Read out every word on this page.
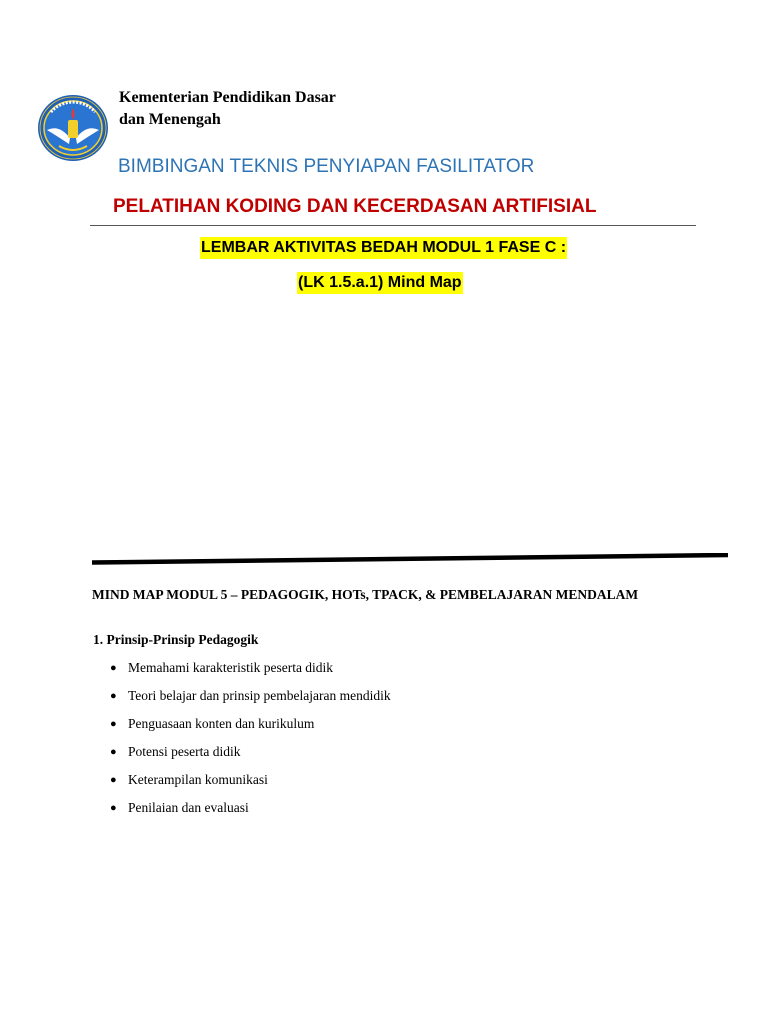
Kementerian Pendidikan Dasar
dan Menengah
BIMBINGAN TEKNIS PENYIAPAN FASILITATOR
PELATIHAN KODING DAN KECERDASAN ARTIFISIAL
LEMBAR AKTIVITAS BEDAH MODUL 1 FASE C :
(LK 1.5.a.1) Mind Map
MIND MAP MODUL 5 – PEDAGOGIK, HOTs, TPACK, & PEMBELAJARAN MENDALAM
1. Prinsip-Prinsip Pedagogik
● Memahami karakteristik peserta didik
● Teori belajar dan prinsip pembelajaran mendidik
● Penguasaan konten dan kurikulum
● Potensi peserta didik
● Keterampilan komunikasi
● Penilaian dan evaluasi
